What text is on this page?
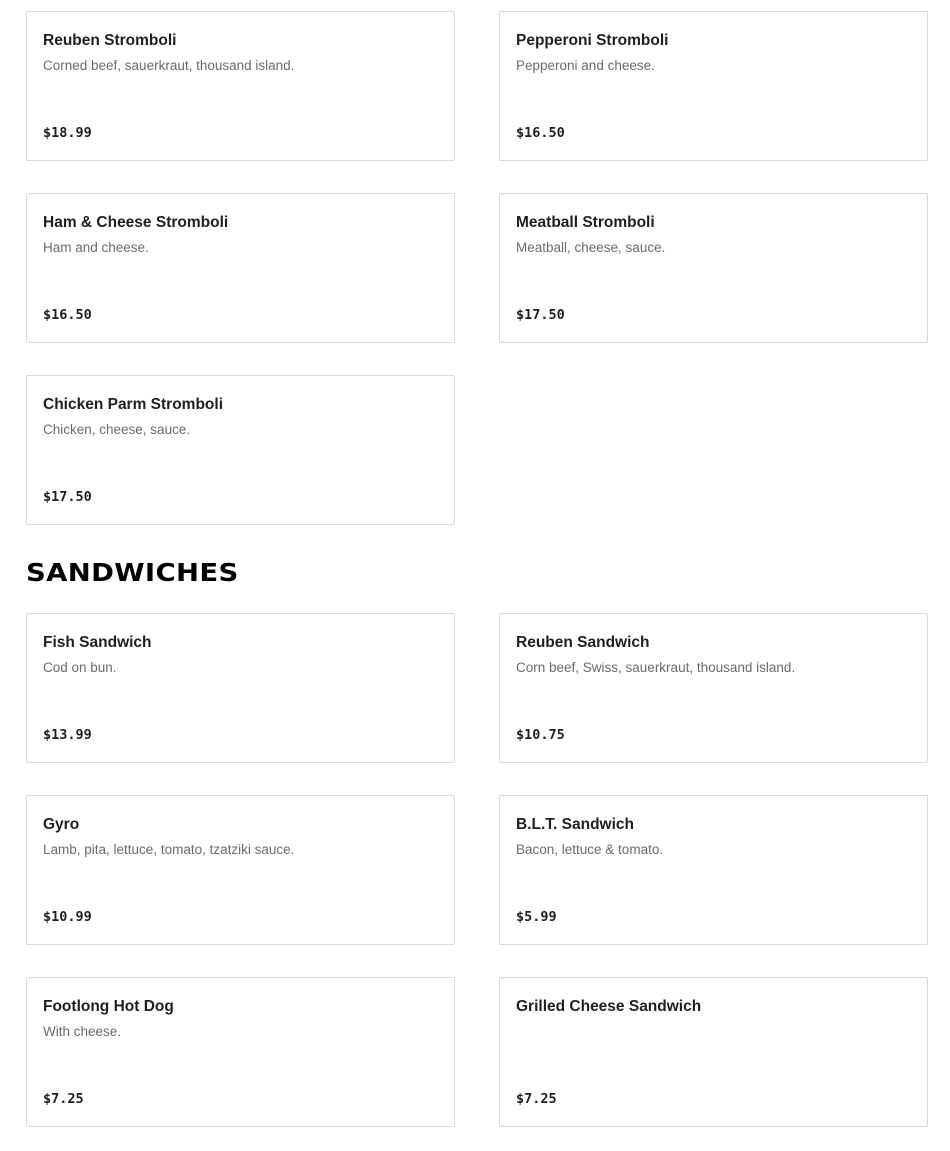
Reuben Stromboli
Corned beef, sauerkraut, thousand island.
$18.99
Pepperoni Stromboli
Pepperoni and cheese.
$16.50
Ham & Cheese Stromboli
Ham and cheese.
$16.50
Meatball Stromboli
Meatball, cheese, sauce.
$17.50
Chicken Parm Stromboli
Chicken, cheese, sauce.
$17.50
SANDWICHES
Fish Sandwich
Cod on bun.
$13.99
Reuben Sandwich
Corn beef, Swiss, sauerkraut, thousand island.
$10.75
Gyro
Lamb, pita, lettuce, tomato, tzatziki sauce.
$10.99
B.L.T. Sandwich
Bacon, lettuce & tomato.
$5.99
Footlong Hot Dog
With cheese.
$7.25
Grilled Cheese Sandwich
$7.25
